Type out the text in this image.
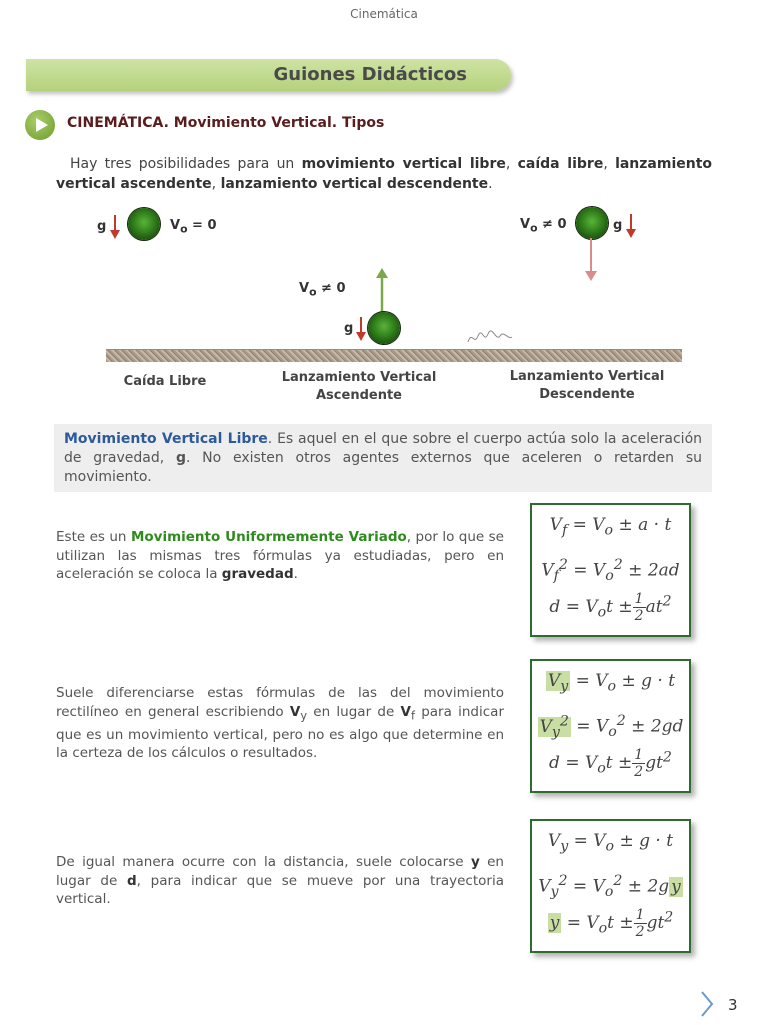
Cinemática
Guiones Didácticos
CINEMÁTICA. Movimiento Vertical. Tipos
Hay tres posibilidades para un movimiento vertical libre, caída libre, lanzamiento vertical ascendente, lanzamiento vertical descendente.
g	$V_o = 0$
$V_o \ne 0$
g
$V_o \ne 0$	g
Caída Libre	Lanzamiento Vertical
Ascendente
Lanzamiento Vertical
Descendente
Movimiento Vertical Libre. Es aquel en el que sobre el cuerpo actúa solo la aceleración de gravedad, g. No existen otros agentes externos que aceleren o retarden su movimiento.
Este es un Movimiento Uniformemente Variado, por lo que se utilizan las mismas tres fórmulas ya estudiadas, pero en aceleración se coloca la gravedad.
Suele diferenciarse estas fórmulas de las del movimiento rectilíneo en general escribiendo $V_y$ en lugar de $V_f$ para indicar que es un movimiento vertical, pero no es algo que determine en la certeza de los cálculos o resultados.
De igual manera ocurre con la distancia, suele colocarse y en lugar de d, para indicar que se mueve por una trayectoria vertical.
$V_f = V_o \pm a \cdot t$
$V_f^2 = V_o^2 \pm 2ad$
$d = V_ot \pm \frac{1}{2} at^2$
$V_y = V_o \pm g \cdot t$
$V_y^2 = V_o^2 \pm 2gd$
$d = V_ot \pm \frac{1}{2} gt^2$
$V_y = V_o \pm g \cdot t$
$V_y^2 = V_o^2 \pm 2g$ y
$y = V_ot \pm \frac{1}{2} gt^2$
3
